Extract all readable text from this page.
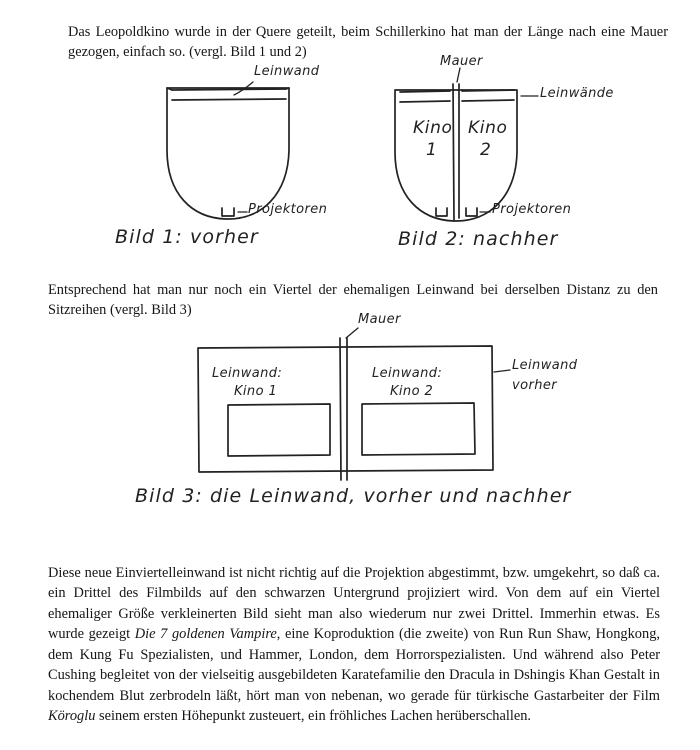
Das Leopoldkino wurde in der Quere geteilt, beim Schillerkino hat man der Länge nach eine Mauer gezogen, einfach so. (vergl. Bild 1 und 2)

Leinwand
Projektoren
Bild 1: vorher
Mauer
Leinwände
Kino
1
Kino
2
Projektoren
Bild 2: nachher

Entsprechend hat man nur noch ein Viertel der ehemaligen Leinwand bei derselben Distanz zu den Sitzreihen (vergl. Bild 3)

Mauer
Leinwand:
Kino 1
Leinwand:
Kino 2
Leinwand
vorher
Bild 3: die Leinwand, vorher und nachher

Diese neue Einviertelleinwand ist nicht richtig auf die Projektion abgestimmt, bzw. umgekehrt, so daß ca. ein Drittel des Filmbilds auf den schwarzen Untergrund projiziert wird. Von dem auf ein Viertel ehemaliger Größe verkleinerten Bild sieht man also wiederum nur zwei Drittel. Immerhin etwas. Es wurde gezeigt Die 7 goldenen Vampire, eine Koproduktion (die zweite) von Run Run Shaw, Hongkong, dem Kung Fu Spezialisten, und Hammer, London, dem Horrorspezialisten. Und während also Peter Cushing begleitet von der vielseitig ausgebildeten Karatefamilie den Dracula in Dshingis Khan Gestalt in kochendem Blut zerbrodeln läßt, hört man von nebenan, wo gerade für türkische Gastarbeiter der Film Köroglu seinem ersten Höhepunkt zusteuert, ein fröhliches Lachen herüberschallen.
